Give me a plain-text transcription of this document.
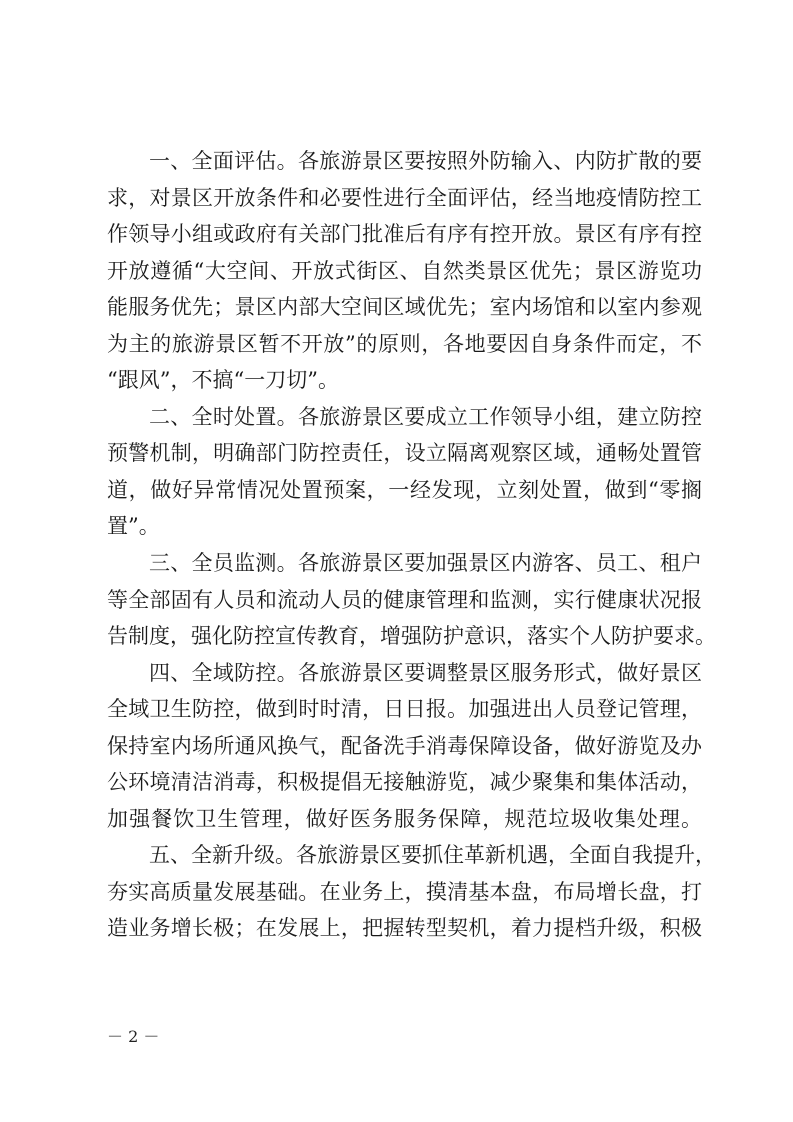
一、全面评估。各旅游景区要按照外防输入、内防扩散的要
求，对景区开放条件和必要性进行全面评估，经当地疫情防控工
作领导小组或政府有关部门批准后有序有控开放。景区有序有控
开放遵循“大空间、开放式街区、自然类景区优先；景区游览功
能服务优先；景区内部大空间区域优先；室内场馆和以室内参观
为主的旅游景区暂不开放”的原则，各地要因自身条件而定，不
“跟风”，不搞“一刀切”。
二、全时处置。各旅游景区要成立工作领导小组，建立防控
预警机制，明确部门防控责任，设立隔离观察区域，通畅处置管
道，做好异常情况处置预案，一经发现，立刻处置，做到“零搁
置”。
三、全员监测。各旅游景区要加强景区内游客、员工、租户
等全部固有人员和流动人员的健康管理和监测，实行健康状况报
告制度，强化防控宣传教育，增强防护意识，落实个人防护要求。
四、全域防控。各旅游景区要调整景区服务形式，做好景区
全域卫生防控，做到时时清，日日报。加强进出人员登记管理，
保持室内场所通风换气，配备洗手消毒保障设备，做好游览及办
公环境清洁消毒，积极提倡无接触游览，减少聚集和集体活动，
加强餐饮卫生管理，做好医务服务保障，规范垃圾收集处理。
五、全新升级。各旅游景区要抓住革新机遇，全面自我提升，
夯实高质量发展基础。在业务上，摸清基本盘，布局增长盘，打
造业务增长极；在发展上，把握转型契机，着力提档升级，积极
－ 2 －
